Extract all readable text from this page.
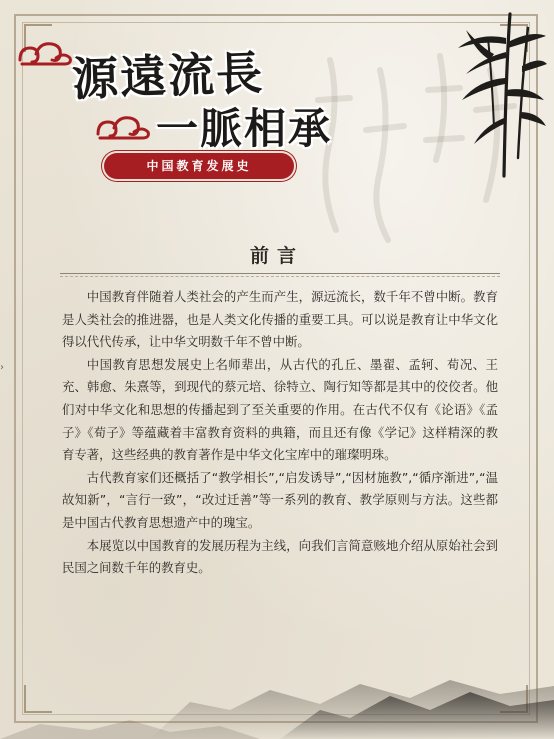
源遠流長
一脈相承
中国教育发展史
前言

中国教育伴随着人类社会的产生而产生，源远流长，数千年不曾中断。教育是人类社会的推进器，也是人类文化传播的重要工具。可以说是教育让中华文化得以代代传承，让中华文明数千年不曾中断。

中国教育思想发展史上名师辈出，从古代的孔丘、墨翟、孟轲、荀况、王充、韩愈、朱熹等，到现代的蔡元培、徐特立、陶行知等都是其中的佼佼者。他们对中华文化和思想的传播起到了至关重要的作用。在古代不仅有《论语》《孟子》《荀子》等蕴藏着丰富教育资料的典籍，而且还有像《学记》这样精深的教育专著，这些经典的教育著作是中华文化宝库中的璀璨明珠。

古代教育家们还概括了“教学相长”,“启发诱导”,“因材施教”,“循序渐进”,“温故知新”，“言行一致”，“改过迁善”等一系列的教育、教学原则与方法。这些都是中国古代教育思想遗产中的瑰宝。

本展览以中国教育的发展历程为主线，向我们言简意赅地介绍从原始社会到民国之间数千年的教育史。

›
